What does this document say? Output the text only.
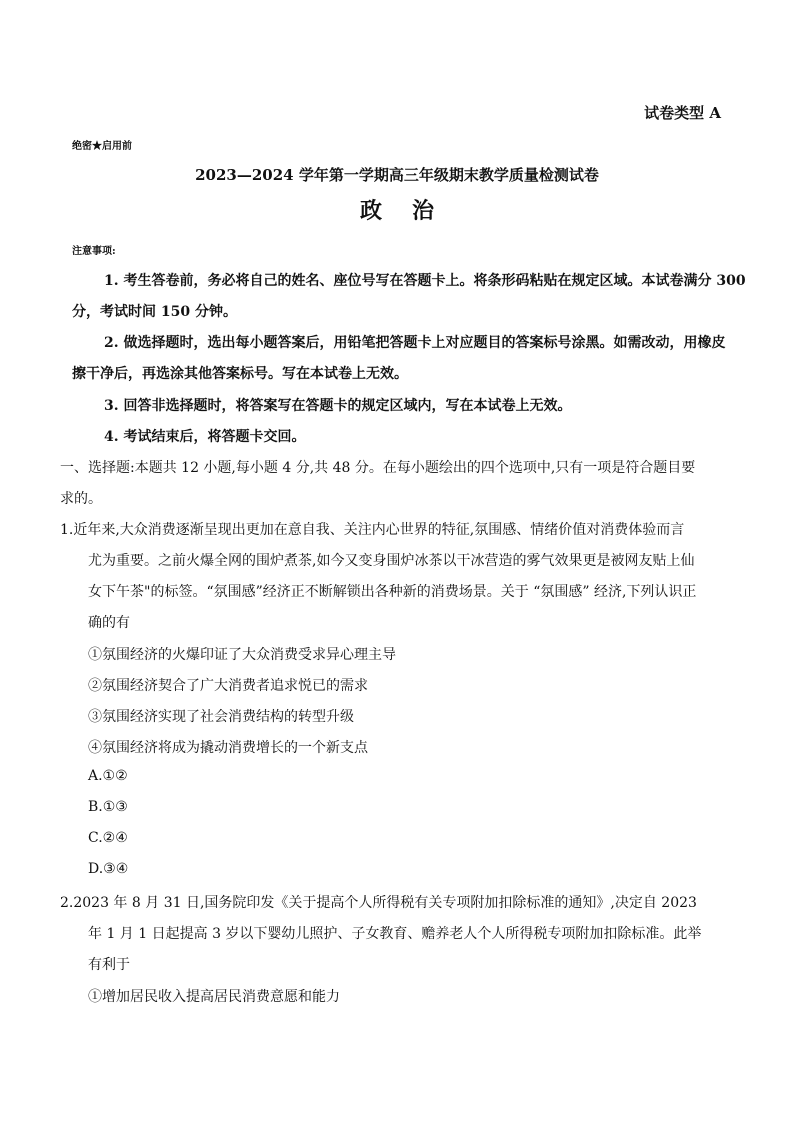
试卷类型 A
绝密★启用前
2023—2024 学年第一学期高三年级期末教学质量检测试卷
政治
注意事项:
1. 考生答卷前，务必将自己的姓名、座位号写在答题卡上。将条形码粘贴在规定区域。本试卷满分 300
分，考试时间 150 分钟。
2. 做选择题时，选出每小题答案后，用铅笔把答题卡上对应题目的答案标号涂黑。如需改动，用橡皮
擦干净后，再选涂其他答案标号。写在本试卷上无效。
3. 回答非选择题时，将答案写在答题卡的规定区域内，写在本试卷上无效。
4. 考试结束后，将答题卡交回。
一、选择题:本题共 12 小题,每小题 4 分,共 48 分。在每小题绘出的四个选项中,只有一项是符合题目要
求的。
1.近年来,大众消费逐渐呈现出更加在意自我、关注内心世界的特征,氛围感、情绪价值对消费体验而言
尤为重要。之前火爆全网的围炉煮茶,如今又变身围炉冰茶以干冰营造的雾气效果更是被网友贴上仙
女下午茶"的标签。“氛围感”经济正不断解锁出各种新的消费场景。关于 “氛围感” 经济,下列认识正
确的有
①氛围经济的火爆印证了大众消费受求异心理主导
②氛围经济契合了广大消费者追求悦已的需求
③氛围经济实现了社会消费结构的转型升级
④氛围经济将成为撬动消费增长的一个新支点
A.①②
B.①③
C.②④
D.③④
2.2023 年 8 月 31 日,国务院印发《关于提高个人所得税有关专项附加扣除标准的通知》,决定自 2023
年 1 月 1 日起提高 3 岁以下婴幼儿照护、子女教育、赡养老人个人所得税专项附加扣除标准。此举
有利于
①增加居民收入提高居民消费意愿和能力
